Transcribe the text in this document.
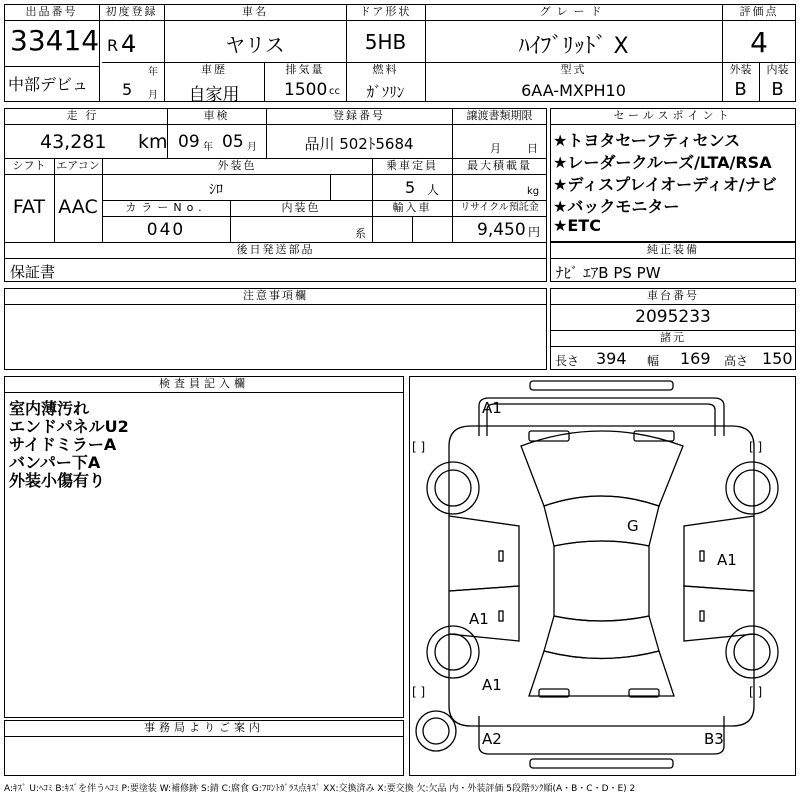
出品番号
33414
中部デビュ
初度登録
R 4
年
5 月
車名
ヤリス
車歴
自家用
排気量
1500 cc
ドア形状
5HB
燃料
ｶﾞｿﾘﾝ
グレード
ﾊｲﾌﾞﾘｯﾄﾞ X
型式
6AA-MXPH10
評価点
4
外装
B
内装
B
走行
43,281 km
車検
09 年 05 月
登録番号
品川 502ﾄ5684
譲渡書類期限
月 日
シフト
FAT
エアコン
AAC
外装色
ｼﾛ
乗車定員
5 人
最大積載量
kg
カラーNo.
040
内装色
系
輸入車	リサイクル預託金
9,450 円
後日発送部品
保証書
セールスポイント
★トヨタセーフティセンス
★レーダークルーズ/LTA/RSA
★ディスプレイオーディオ/ナビ
★バックモニター
★ETC
純正装備
ﾅﾋﾞ ｴｱB PS PW
注意事項欄	車台番号
2095233
諸元
長さ 394 幅 169 高さ 150
検査員記入欄
室内薄汚れ
エンドパネルU2
サイドミラーA
バンパー下A
外装小傷有り
事務局よりご案内
[ ]	[ ]
[ ]	[ ]
A1
G
A1
A1
A1
A2	B3
A:ｷｽﾞ U:ﾍｺﾐ B:ｷｽﾞを伴うﾍｺﾐ P:要塗装 W:補修跡 S:錆 C:腐食 G:ﾌﾛﾝﾄｶﾞﾗｽ点ｷｽﾞ XX:交換済み X:要交換 欠:欠品 内・外装評価 5段階ﾗﾝｸ順(A・B・C・D・E) 2
